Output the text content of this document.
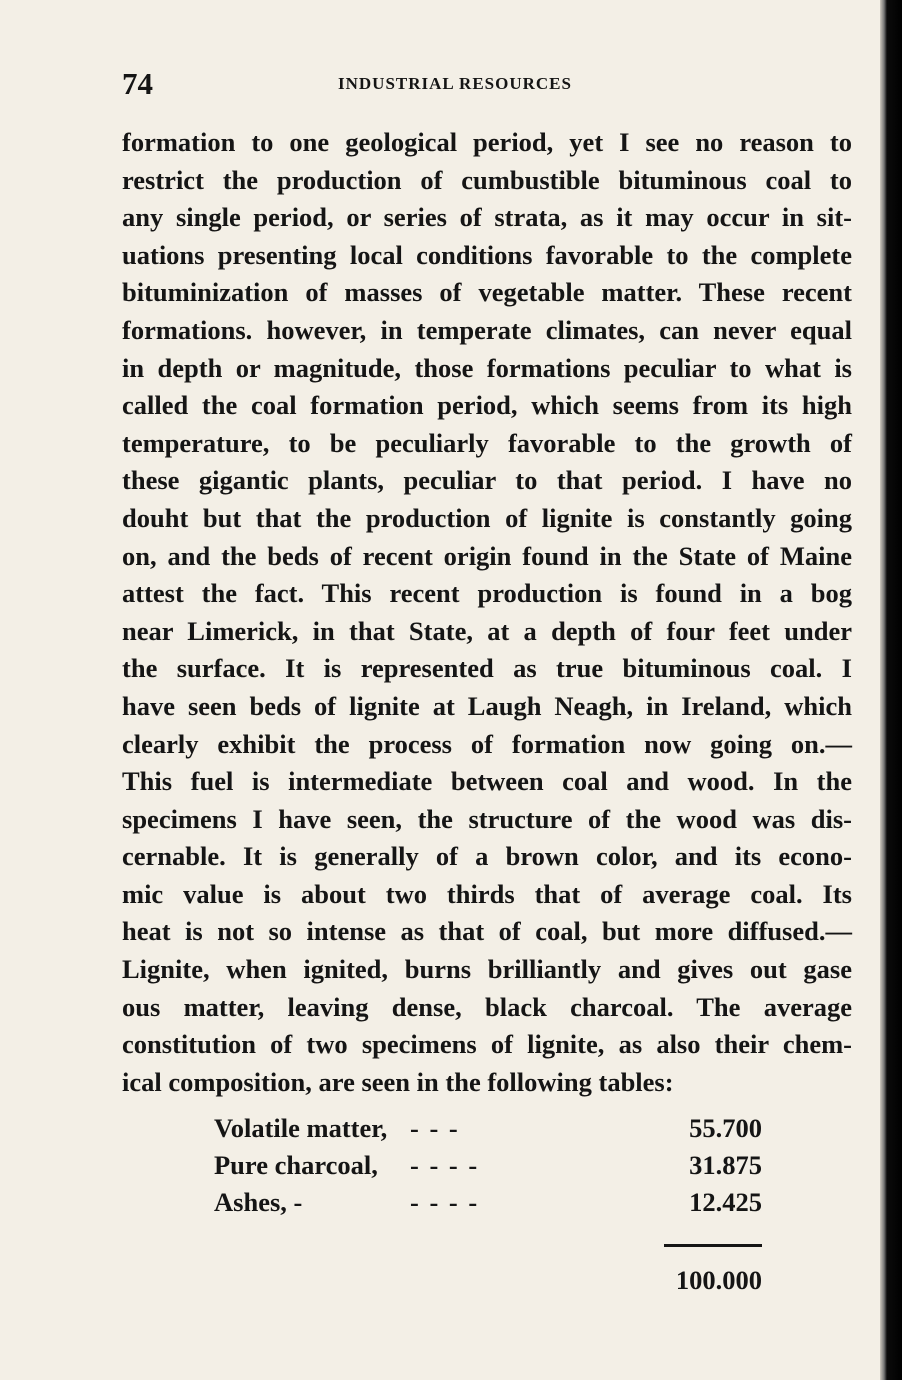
74	INDUSTRIAL RESOURCES
formation to one geological period, yet I see no reason to
restrict the production of cumbustible bituminous coal to
any single period, or series of strata, as it may occur in sit-
uations presenting local conditions favorable to the complete
bituminization of masses of vegetable matter. These recent
formations. however, in temperate climates, can never equal
in depth or magnitude, those formations peculiar to what is
called the coal formation period, which seems from its high
temperature, to be peculiarly favorable to the growth of
these gigantic plants, peculiar to that period. I have no
douht but that the production of lignite is constantly going
on, and the beds of recent origin found in the State of Maine
attest the fact. This recent production is found in a bog
near Limerick, in that State, at a depth of four feet under
the surface. It is represented as true bituminous coal. I
have seen beds of lignite at Laugh Neagh, in Ireland, which
clearly exhibit the process of formation now going on.—
This fuel is intermediate between coal and wood. In the
specimens I have seen, the structure of the wood was dis-
cernable. It is generally of a brown color, and its econo-
mic value is about two thirds that of average coal. Its
heat is not so intense as that of coal, but more diffused.—
Lignite, when ignited, burns brilliantly and gives out gase
ous matter, leaving dense, black charcoal. The average
constitution of two specimens of lignite, as also their chem-
ical composition, are seen in the following tables:
Volatile matter, - - -	55.700
Pure charcoal, - - - -	31.875
Ashes, -	- - - -	12.425
100.000
